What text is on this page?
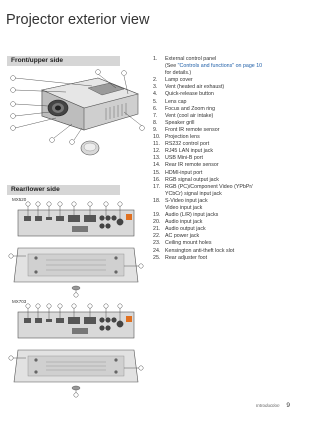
Projector exterior view
Front/upper side
Rear/lower side
MX520
MX703
1.	External control panel
(See "Controls and functions" on page 10
for details.)
2.	Lamp cover
3.	Vent (heated air exhaust)
4.	Quick-release button
5.	Lens cap
6.	Focus and Zoom ring
7.	Vent (cool air intake)
8.	Speaker grill
9.	Front IR remote sensor
10. Projection lens
11. RS232 control port
12. RJ45 LAN input jack
13. USB Mini-B port
14. Rear IR remote sensor
15. HDMI-input port
16. RGB signal output jack
17. RGB (PC)/Component Video (YPbPr/
YCbCr) signal input jack
18. S-Video input jack
Video input jack
19. Audio (L/R) input jacks
20. Audio input jack
21. Audio output jack
22. AC power jack
23. Ceiling mount holes
24. Kensington anti-theft lock slot
25. Rear adjuster foot
Introduction 9
